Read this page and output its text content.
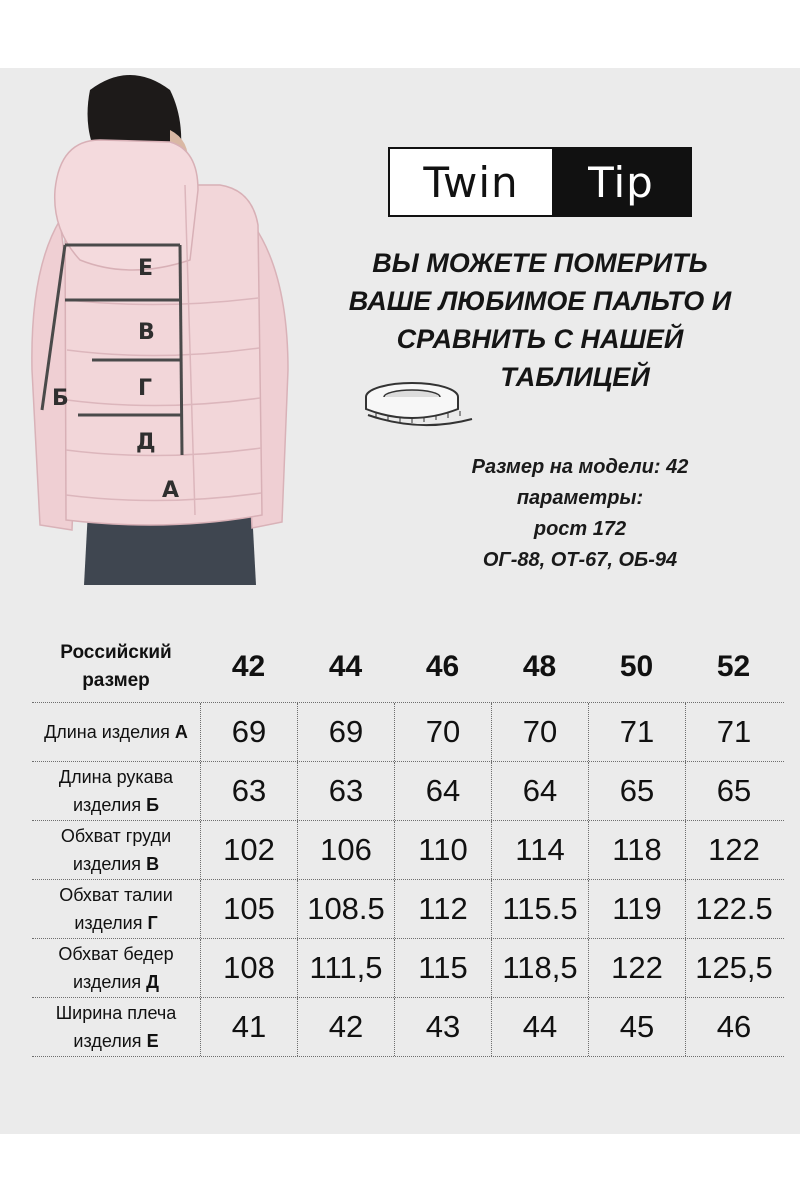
Е
В
Г
Б
Д
А
Twin	Tip
ВЫ МОЖЕТЕ ПОМЕРИТЬ
ВАШЕ ЛЮБИМОЕ ПАЛЬТО И
СРАВНИТЬ С НАШЕЙ
ТАБЛИЦЕЙ
Размер на модели: 42
параметры:
рост 172
ОГ-88, ОТ-67, ОБ-94
Российский
размер	42	44	46	48	50	52
Длина изделия А	69	69	70	70	71	71
Длина рукава изделия Б	63	63	64	64	65	65
Обхват груди изделия В	102	106	110	114	118	122
Обхват талии изделия Г	105	108.5	112	115.5	119	122.5
Обхват бедер изделия Д	108	111,5	115	118,5	122	125,5
Ширина плеча изделия Е	41	42	43	44	45	46
